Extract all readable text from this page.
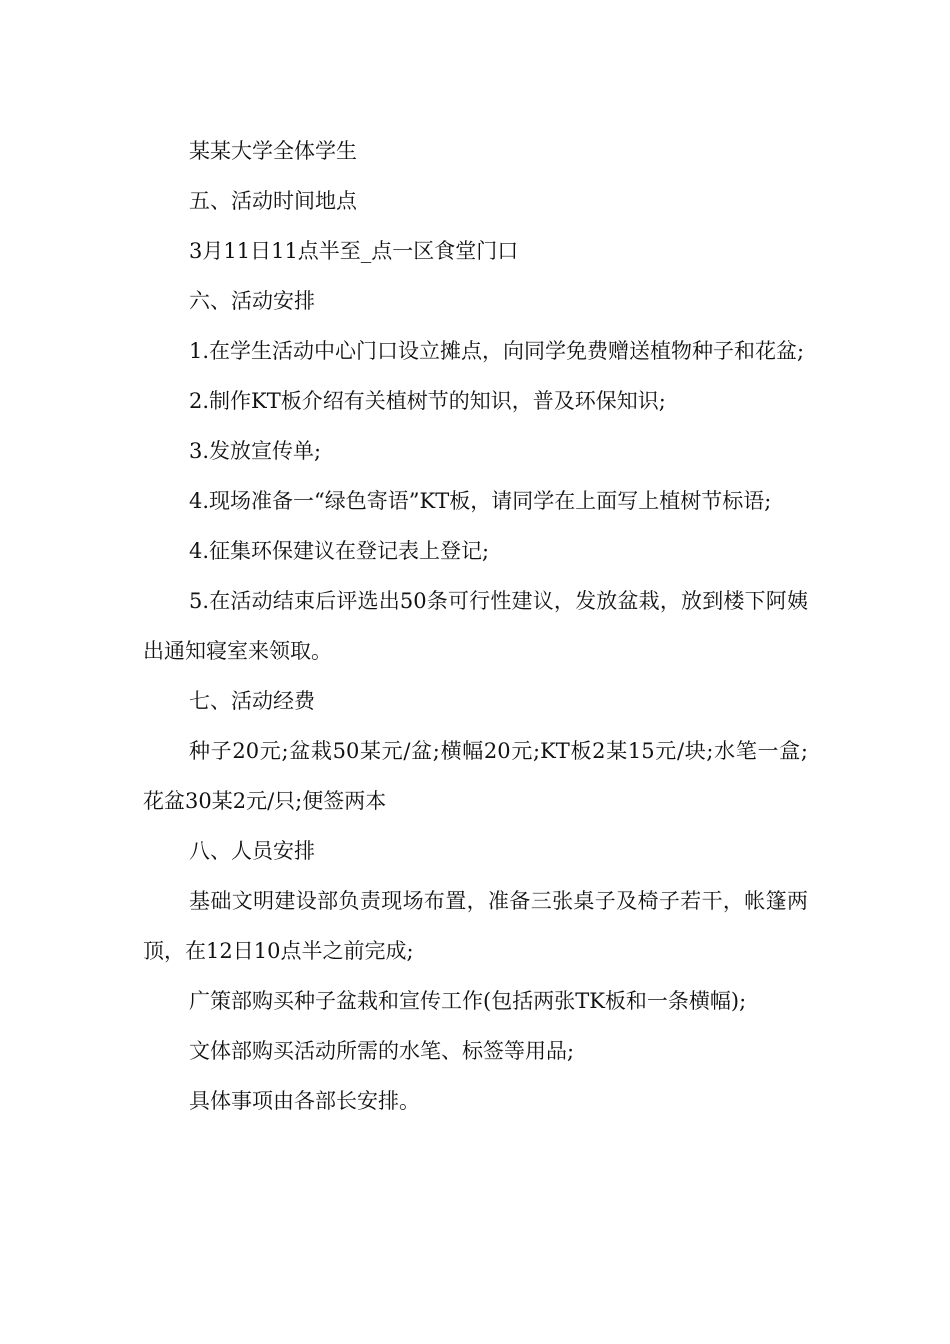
某某大学全体学生

五、活动时间地点

3月11日11点半至_点一区食堂门口

六、活动安排

1.在学生活动中心门口设立摊点，向同学免费赠送植物种子和花盆;

2.制作KT板介绍有关植树节的知识，普及环保知识;

3.发放宣传单;

4.现场准备一“绿色寄语”KT板，请同学在上面写上植树节标语;

4.征集环保建议在登记表上登记;

5.在活动结束后评选出50条可行性建议，发放盆栽，放到楼下阿姨出通知寝室来领取。

七、活动经费

种子20元;盆栽50某元/盆;横幅20元;KT板2某15元/块;水笔一盒;花盆30某2元/只;便签两本

八、人员安排

基础文明建设部负责现场布置，准备三张桌子及椅子若干，帐篷两顶，在12日10点半之前完成;

广策部购买种子盆栽和宣传工作(包括两张TK板和一条横幅);

文体部购买活动所需的水笔、标签等用品;

具体事项由各部长安排。
